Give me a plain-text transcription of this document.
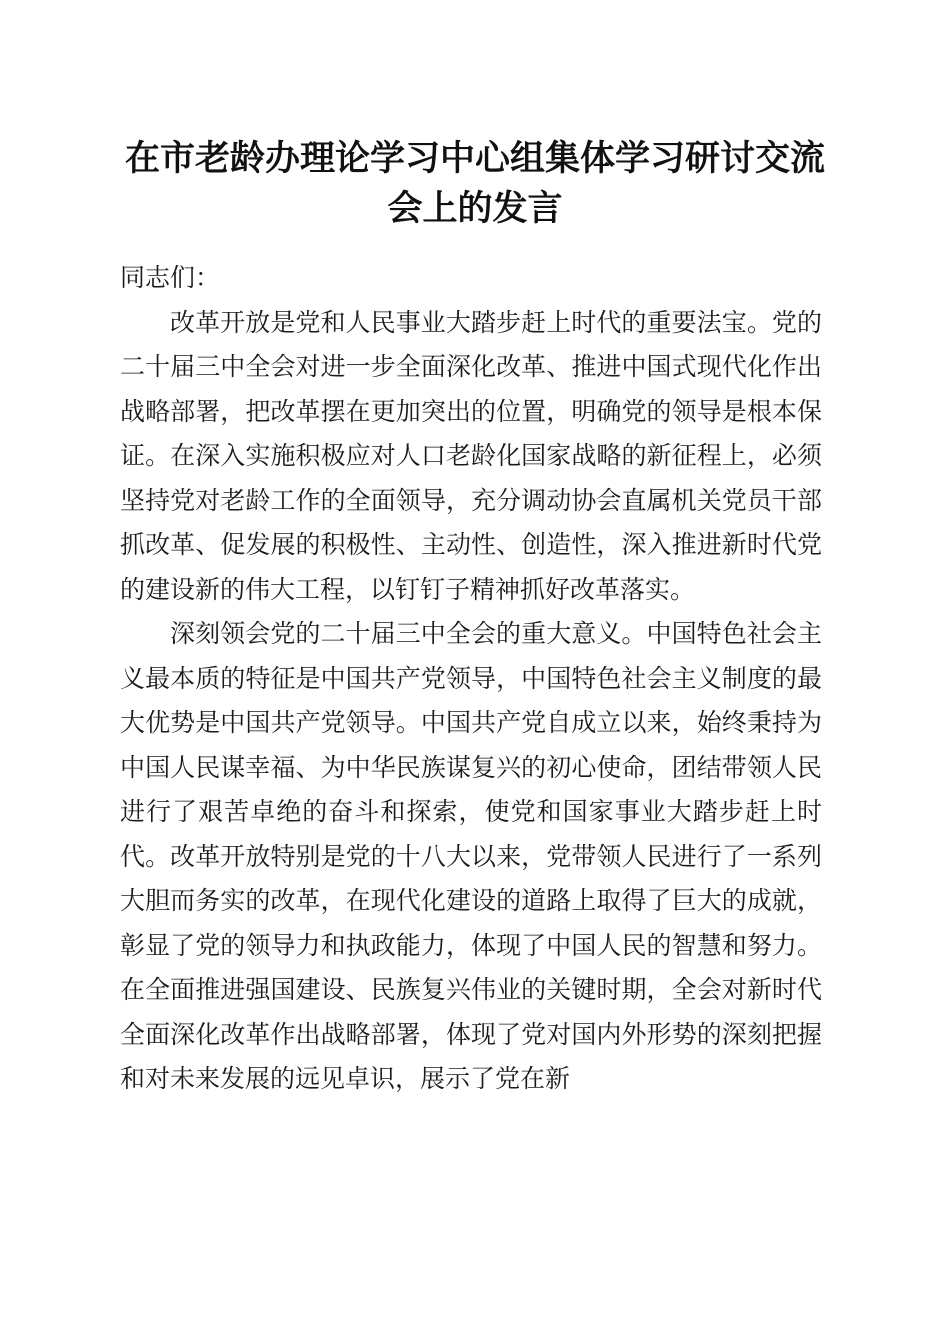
在市老龄办理论学习中心组集体学习研讨交流会上的发言

同志们：

改革开放是党和人民事业大踏步赶上时代的重要法宝。党的二十届三中全会对进一步全面深化改革、推进中国式现代化作出战略部署，把改革摆在更加突出的位置，明确党的领导是根本保证。在深入实施积极应对人口老龄化国家战略的新征程上，必须坚持党对老龄工作的全面领导，充分调动协会直属机关党员干部抓改革、促发展的积极性、主动性、创造性，深入推进新时代党的建设新的伟大工程，以钉钉子精神抓好改革落实。

深刻领会党的二十届三中全会的重大意义。中国特色社会主义最本质的特征是中国共产党领导，中国特色社会主义制度的最大优势是中国共产党领导。中国共产党自成立以来，始终秉持为中国人民谋幸福、为中华民族谋复兴的初心使命，团结带领人民进行了艰苦卓绝的奋斗和探索，使党和国家事业大踏步赶上时代。改革开放特别是党的十八大以来，党带领人民进行了一系列大胆而务实的改革，在现代化建设的道路上取得了巨大的成就，彰显了党的领导力和执政能力，体现了中国人民的智慧和努力。在全面推进强国建设、民族复兴伟业的关键时期，全会对新时代全面深化改革作出战略部署，体现了党对国内外形势的深刻把握和对未来发展的远见卓识，展示了党在新
